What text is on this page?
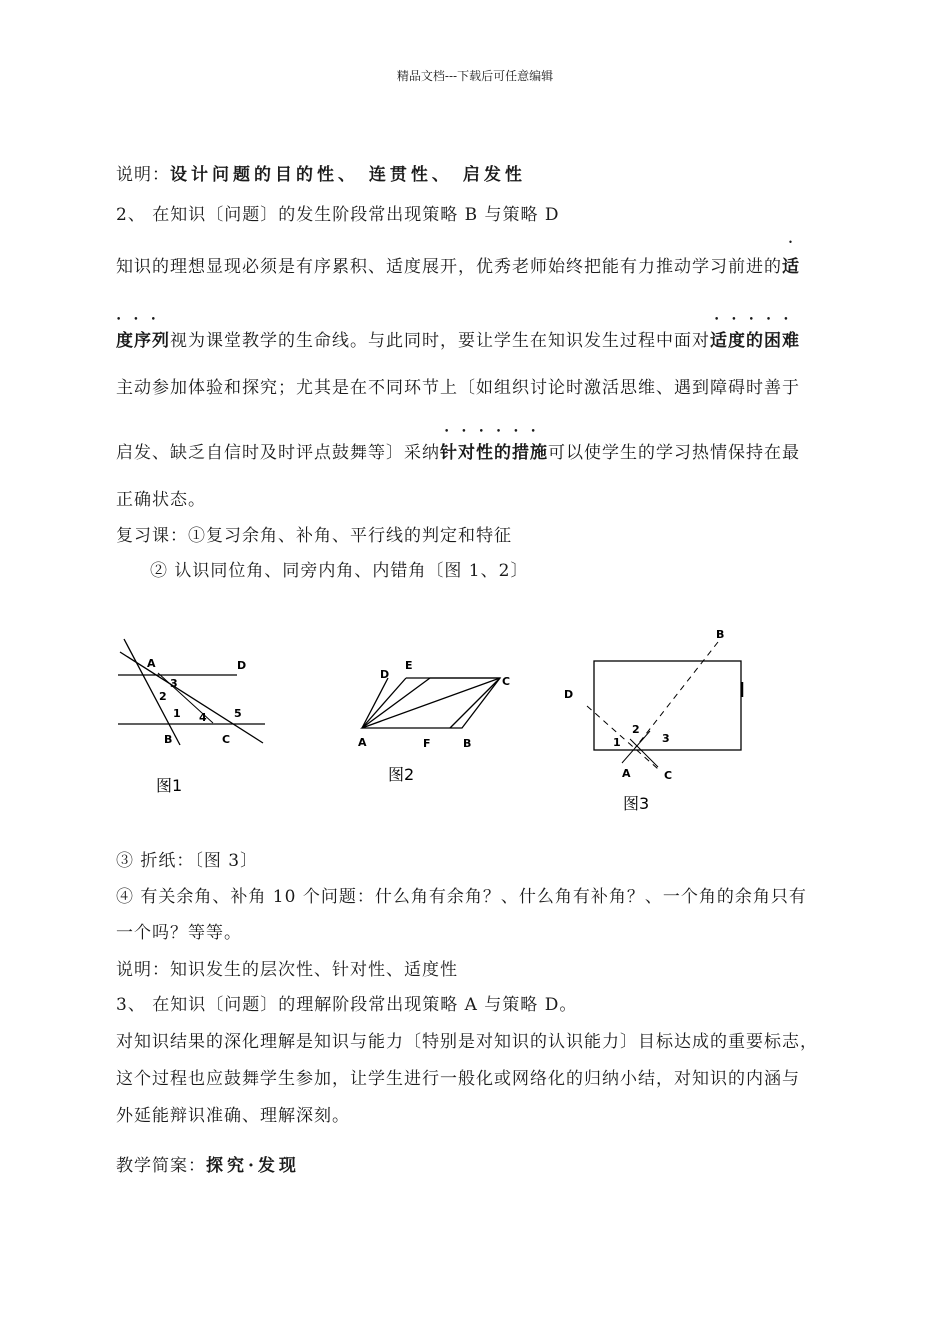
精品文档---下载后可任意编辑
说明：设计问题的目的性、 连贯性、 启发性
2、 在知识〔问题〕的发生阶段常出现策略 B 与策略 D
知识的理想显现必须是有序累积、适度展开，优秀老师始终把能有力推动学习前进的适
•••
度序列视为课堂教学的生命线。与此同时，要让学生在知识发生过程中面对
•••••
适度的困难
主动参加体验和探究；尤其是在不同环节上〔如组织讨论时激活思维、遇到障碍时善于
启发、缺乏自信时及时评点鼓舞等〕采纳
••••••
针对性的措施可以使学生的学习热情保持在最
正确状态。
复习课：①复习余角、补角、平行线的判定和特征
② 认识同位角、同旁内角、内错角〔图 1、2〕
A	D
3
2
1 4 5
B	C
图1
D
E
C
A	F	B
图2
B
D
2
1	3
A	C
图3
③ 折纸：〔图 3〕
④ 有关余角、补角 10 个问题：什么角有余角？、什么角有补角？、一个角的余角只有
一个吗？等等。
说明：知识发生的层次性、针对性、适度性
3、 在知识〔问题〕的理解阶段常出现策略 A 与策略 D。
对知识结果的深化理解是知识与能力〔特别是对知识的认识能力〕目标达成的重要标志，
这个过程也应鼓舞学生参加，让学生进行一般化或网络化的归纳小结，对知识的内涵与
外延能辩识准确、理解深刻。
教学简案：探究·发现
